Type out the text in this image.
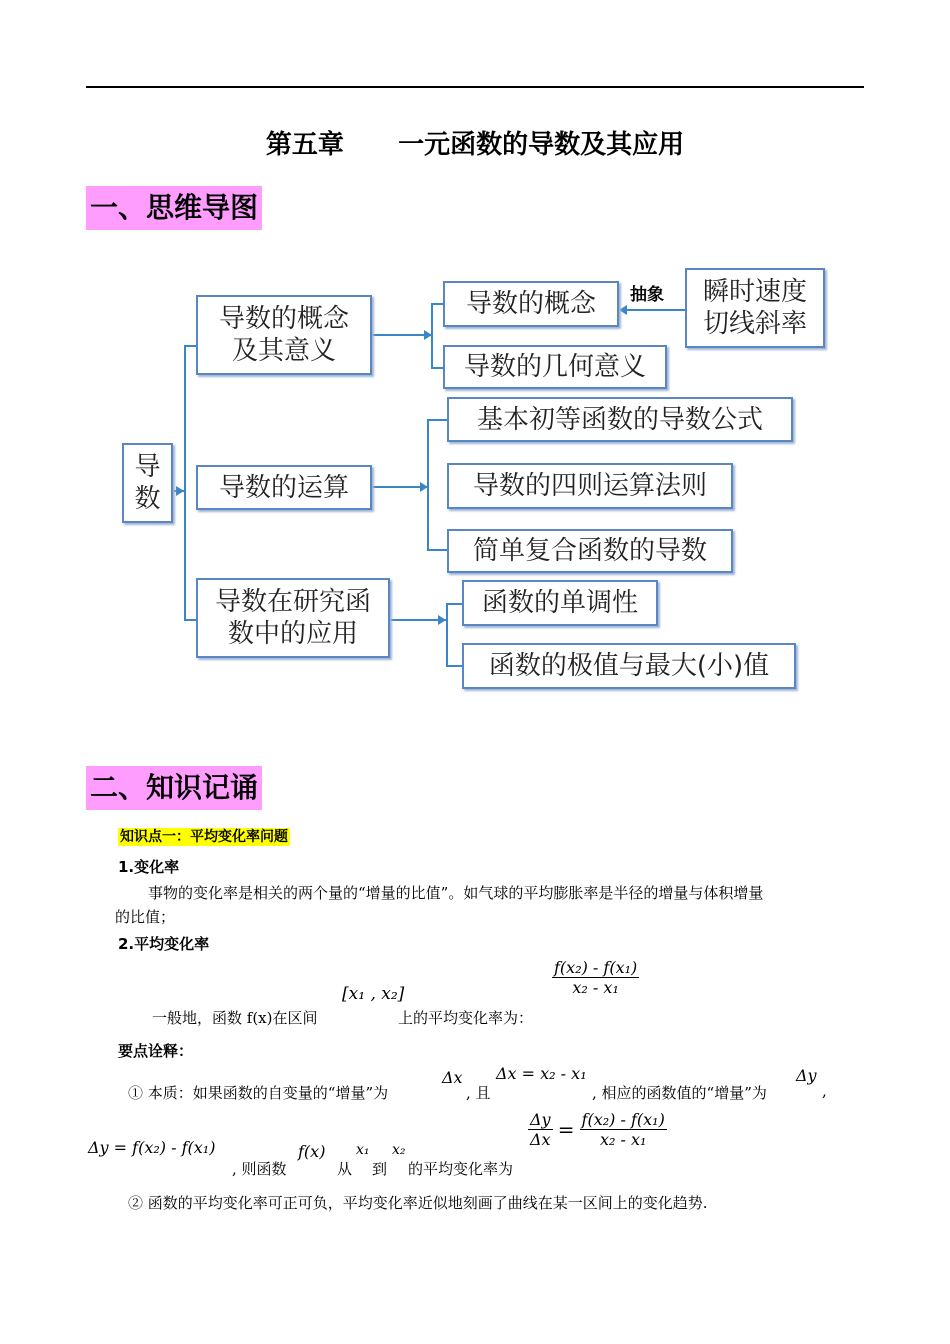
第五章      一元函数的导数及其应用
一、思维导图
抽象
导数
导数的概念及其意义
导数的运算
导数在研究函数中的应用
导数的概念
导数的几何意义
瞬时速度切线斜率
基本初等函数的导数公式
导数的四则运算法则
简单复合函数的导数
函数的单调性
函数的极值与最大(小)值
二、知识记诵
知识点一：平均变化率问题
1.变化率
事物的变化率是相关的两个量的“增量的比值”。如气球的平均膨胀率是半径的增量与体积增量
的比值；
2.平均变化率
一般地，函数 f(x)在区间
[x₁ , x₂]
上的平均变化率为：
$\frac{\text{f(x₂) - f(x₁)}}{\text{x₂ - x₁}}$
要点诠释：
① 本质：如果函数的自变量的“增量”为
Δx
, 且
Δx = x₂ - x₁
, 相应的函数值的“增量”为
Δy
,
Δy = f(x₂) - f(x₁)
, 则函数
f(x)
从
x₁
到
x₂
的平均变化率为
$\frac{\Delta y}{\Delta x} = \frac{\text{f(x₂) - f(x₁)}}{\text{x₂ - x₁}}$
② 函数的平均变化率可正可负，平均变化率近似地刻画了曲线在某一区间上的变化趋势.
